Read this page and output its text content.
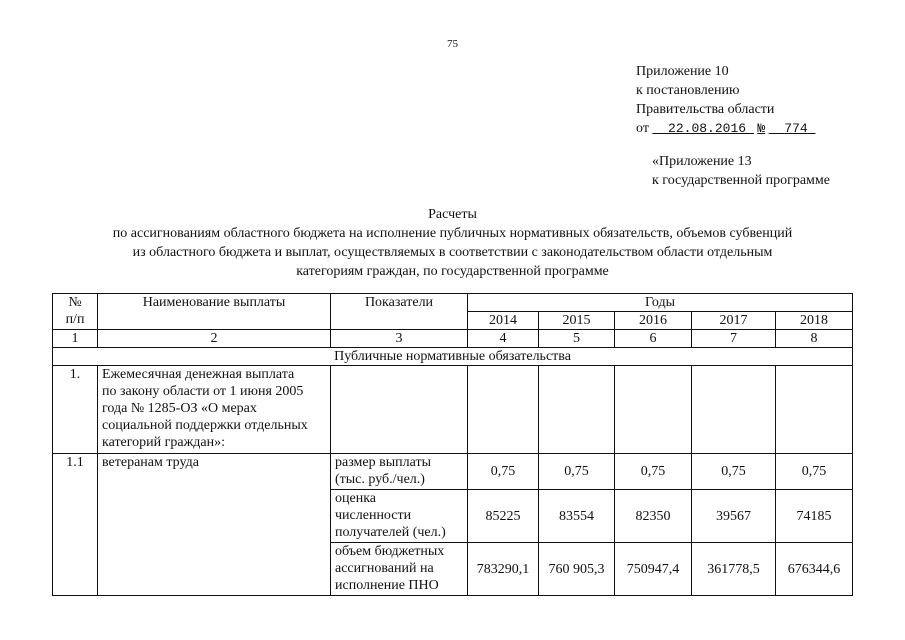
75
Приложение 10
к постановлению
Правительства области
от 22.08.2016 № 774
«Приложение 13
к государственной программе
Расчеты
по ассигнованиям областного бюджета на исполнение публичных нормативных обязательств, объемов субвенций
из областного бюджета и выплат, осуществляемых в соответствии с законодательством области отдельным
категориям граждан, по государственной программе
№
п/п	Наименование выплаты	Показатели	Годы				
			2014	2015	2016	2017	2018
1	2	3	4	5	6	7	8
Публичные нормативные обязательства							
1.	Ежемесячная денежная выплата
по закону области от 1 июня 2005
года № 1285-ОЗ «О мерах
социальной поддержки отдельных
категорий граждан»:						

1.1	ветеранам труда	размер выплаты
(тыс. руб./чел.)	0,75	0,75	0,75	0,75	0,75

		оценка
численности
получателей (чел.)	85225	83554	82350	39567	74185

		объем бюджетных
ассигнований на
исполнение ПНО	783290,1	760 905,3	750947,4	361778,5	676344,6
